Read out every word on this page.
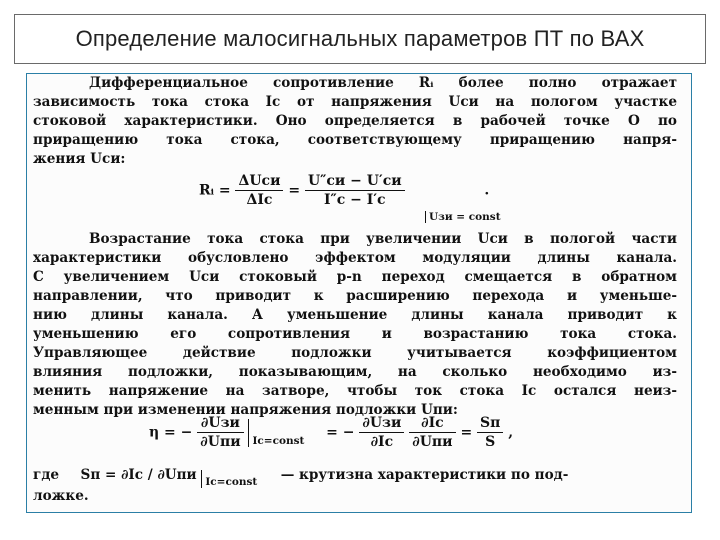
Определение малосигнальных параметров ПТ по ВАХ
Дифференциальное сопротивление Rᵢ более полно отражает
зависимость тока стока Iс от напряжения Uси на пологом участке
стоковой характеристики. Оно определяется в рабочей точке O по
приращению тока стока, соответствующему приращению напря-
жения Uси:
Rᵢ = $\frac{\text{ΔUси}}{\text{ΔIс}} = \frac{U''си - U'си}{I''с - I'с}$	.
Uзи = const
Возрастание тока стока при увеличении Uси в пологой части
характеристики обусловлено эффектом модуляции длины канала.
С увеличением Uси стоковый p-n переход смещается в обратном
направлении, что приводит к расширению перехода и уменьше-
нию длины канала. А уменьшение длины канала приводит к
уменьшению его сопротивления и возрастанию тока стока.
Управляющее действие подложки учитывается коэффициентом
влияния подложки, показывающим, на сколько необходимо из-
менить напряжение на затворе, чтобы ток стока Iс остался неиз-
менным при изменении напряжения подложки Uпи:
η = − $\frac{\text{∂Uзи}}{\text{∂Uпи}}$ Iс=const = − $\frac{\text{∂Uзи}}{\partial Iс}$
$\frac{\partial Iс}{\text{∂Uпи}} = \frac{Sп}{S}$ ,
где Sп = ∂Iс / ∂Uпи $_{Iс=const}$ — крутизна характеристики по под-
ложке.
